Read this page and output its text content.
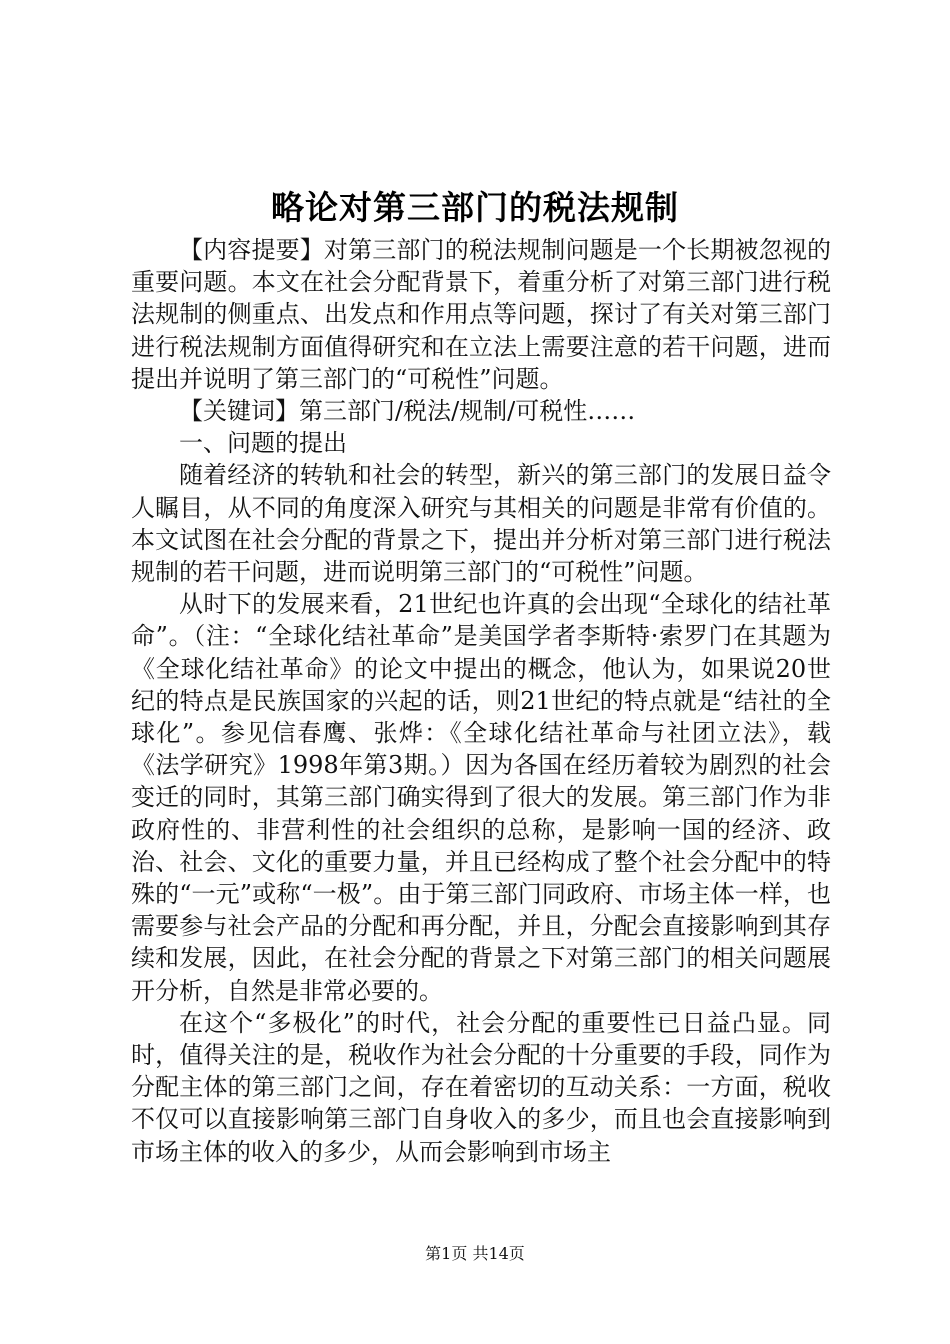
略论对第三部门的税法规制

【内容提要】对第三部门的税法规制问题是一个长期被忽视的重要问题。本文在社会分配背景下，着重分析了对第三部门进行税法规制的侧重点、出发点和作用点等问题，探讨了有关对第三部门进行税法规制方面值得研究和在立法上需要注意的若干问题，进而提出并说明了第三部门的“可税性”问题。

【关键词】第三部门/税法/规制/可税性……

一、问题的提出

随着经济的转轨和社会的转型，新兴的第三部门的发展日益令人瞩目，从不同的角度深入研究与其相关的问题是非常有价值的。本文试图在社会分配的背景之下，提出并分析对第三部门进行税法规制的若干问题，进而说明第三部门的“可税性”问题。

从时下的发展来看，21世纪也许真的会出现“全球化的结社革命”。（注：“全球化结社革命”是美国学者李斯特·索罗门在其题为《全球化结社革命》的论文中提出的概念，他认为，如果说20世纪的特点是民族国家的兴起的话，则21世纪的特点就是“结社的全球化”。参见信春鹰、张烨：《全球化结社革命与社团立法》，载《法学研究》1998年第3期。）因为各国在经历着较为剧烈的社会变迁的同时，其第三部门确实得到了很大的发展。第三部门作为非政府性的、非营利性的社会组织的总称，是影响一国的经济、政治、社会、文化的重要力量，并且已经构成了整个社会分配中的特殊的“一元”或称“一极”。由于第三部门同政府、市场主体一样，也需要参与社会产品的分配和再分配，并且，分配会直接影响到其存续和发展，因此，在社会分配的背景之下对第三部门的相关问题展开分析，自然是非常必要的。

在这个“多极化”的时代，社会分配的重要性已日益凸显。同时，值得关注的是，税收作为社会分配的十分重要的手段，同作为分配主体的第三部门之间，存在着密切的互动关系：一方面，税收不仅可以直接影响第三部门自身收入的多少，而且也会直接影响到市场主体的收入的多少，从而会影响到市场主

第1页 共14页
